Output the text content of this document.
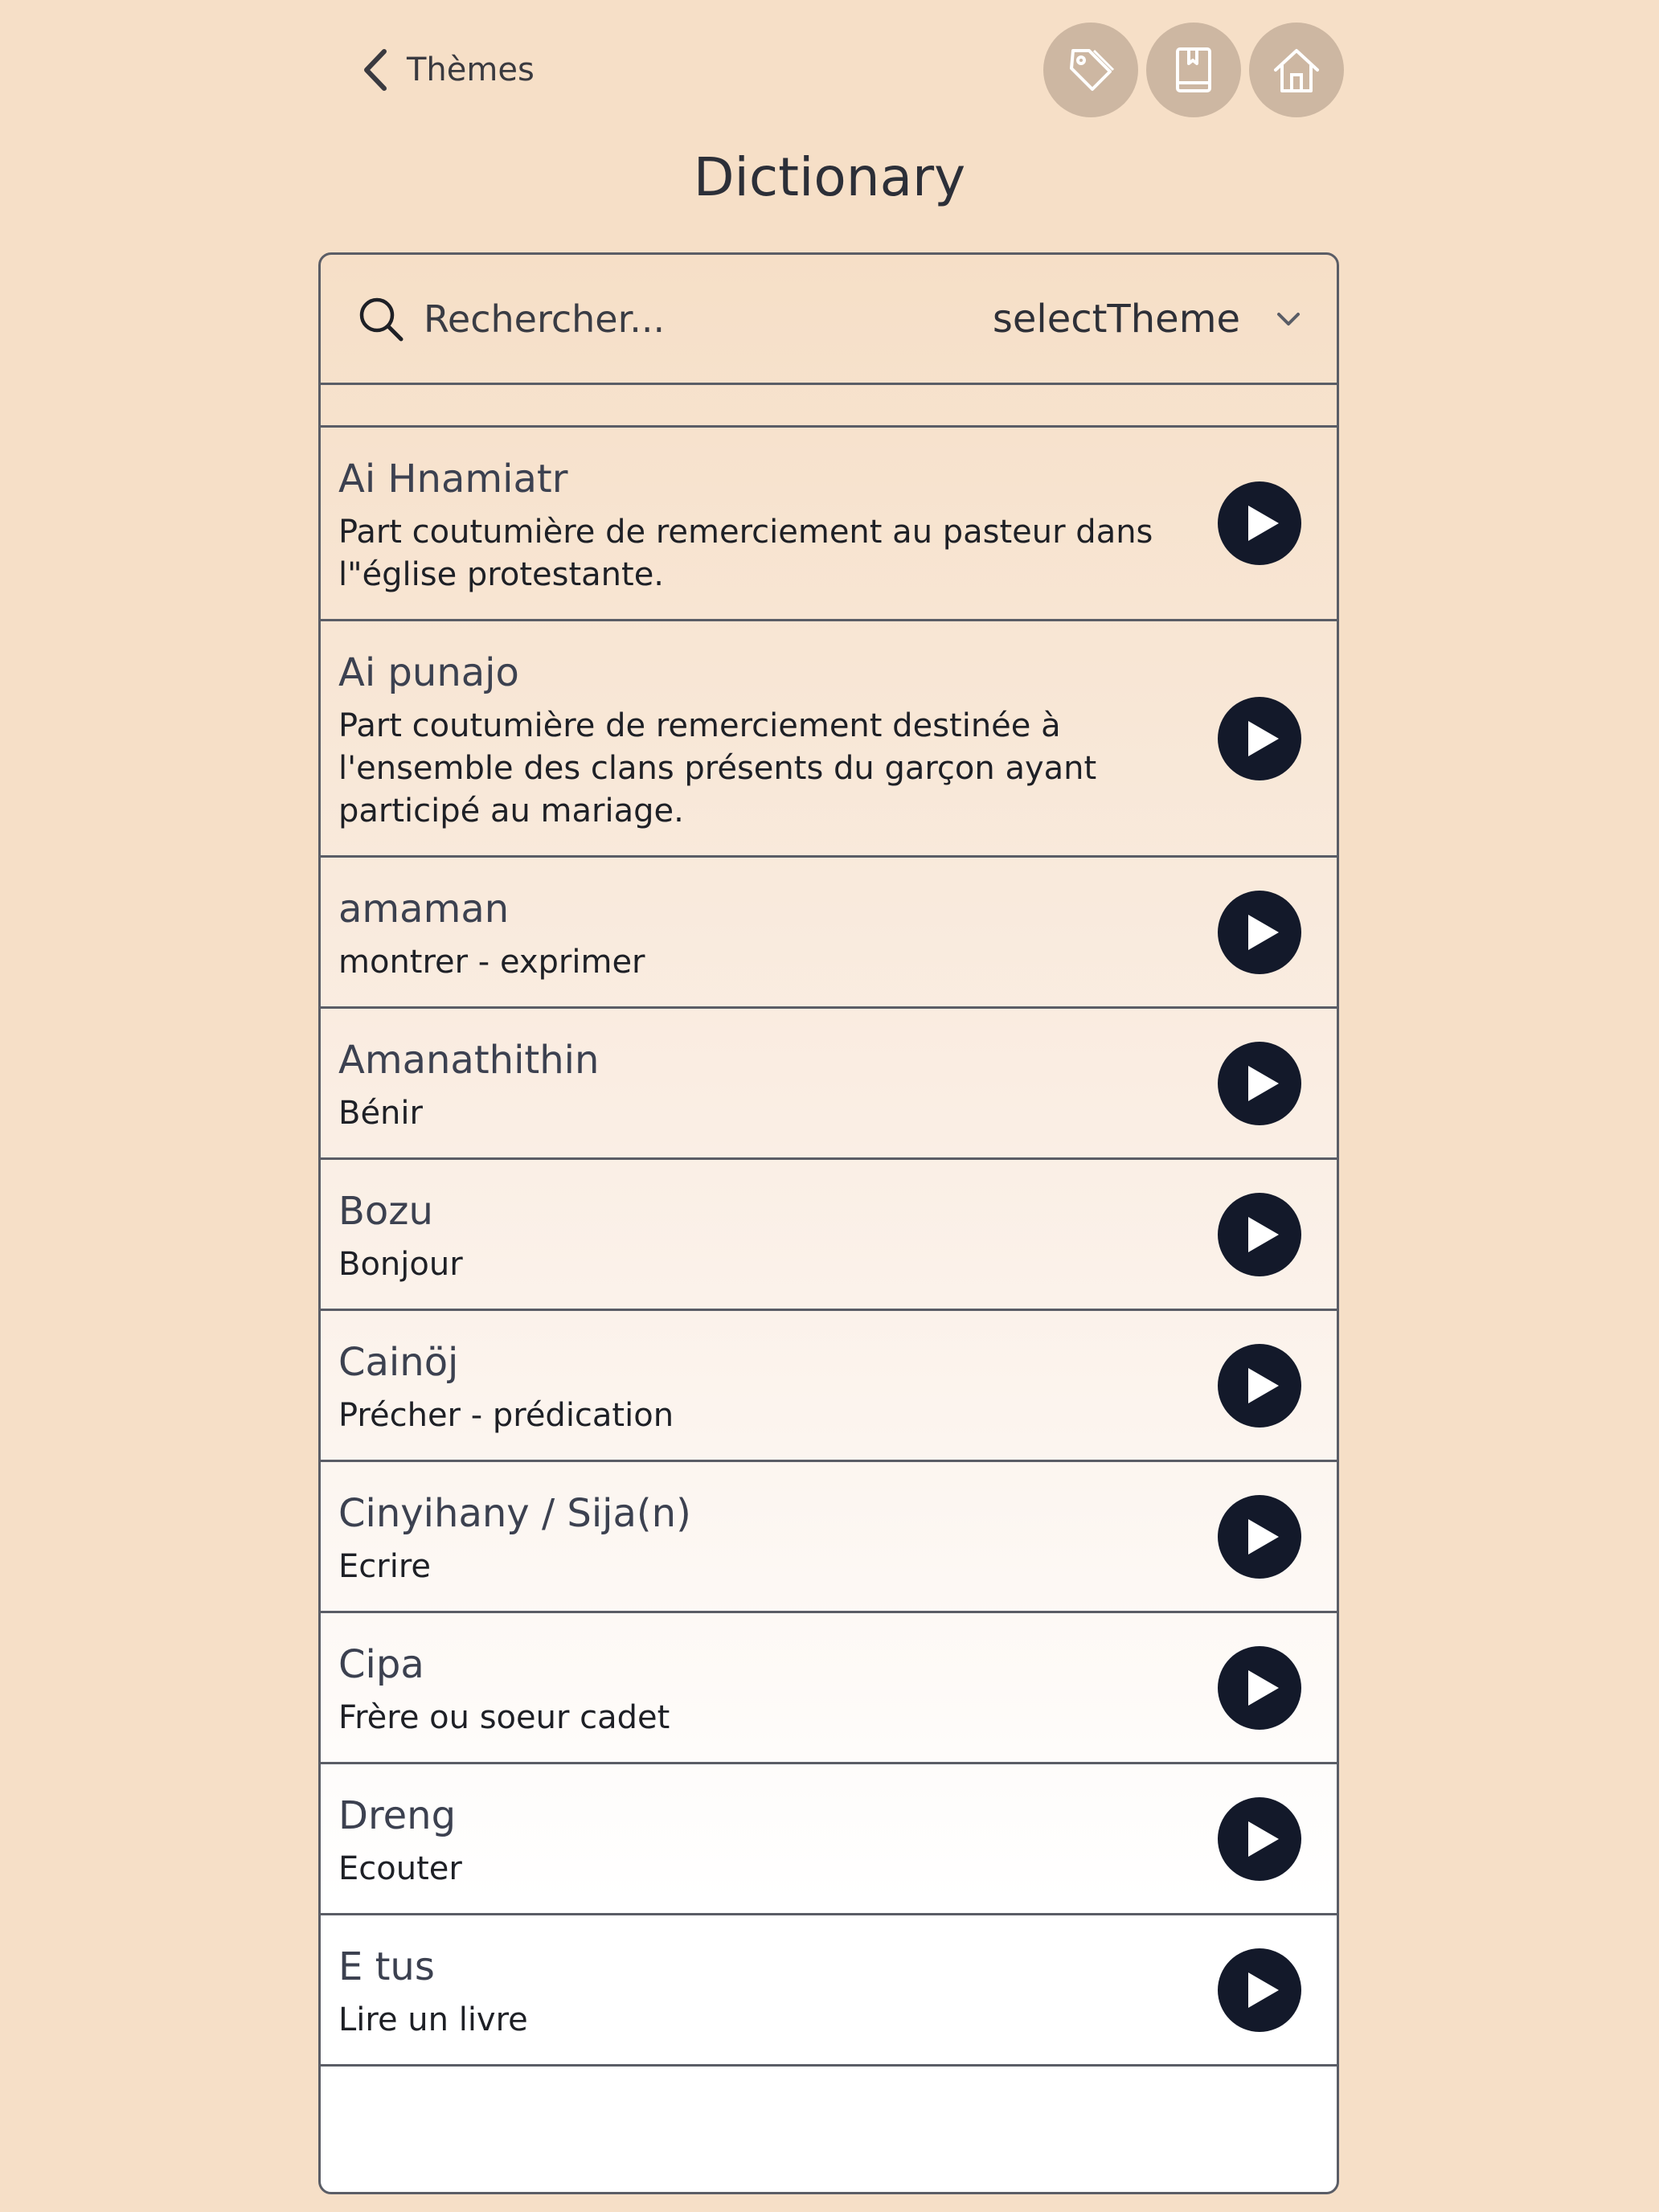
Thèmes
Dictionary
Rechercher...
selectTheme
Ai Hnamiatr
Part coutumière de remerciement au pasteur dans l"église protestante.
Ai punajo
Part coutumière de remerciement destinée à l'ensemble des clans présents du garçon ayant participé au mariage.
amaman
montrer - exprimer
Amanathithin
Bénir
Bozu
Bonjour
Cainöj
Précher - prédication
Cinyihany / Sija(n)
Ecrire
Cipa
Frère ou soeur cadet
Dreng
Ecouter
E tus
Lire un livre
